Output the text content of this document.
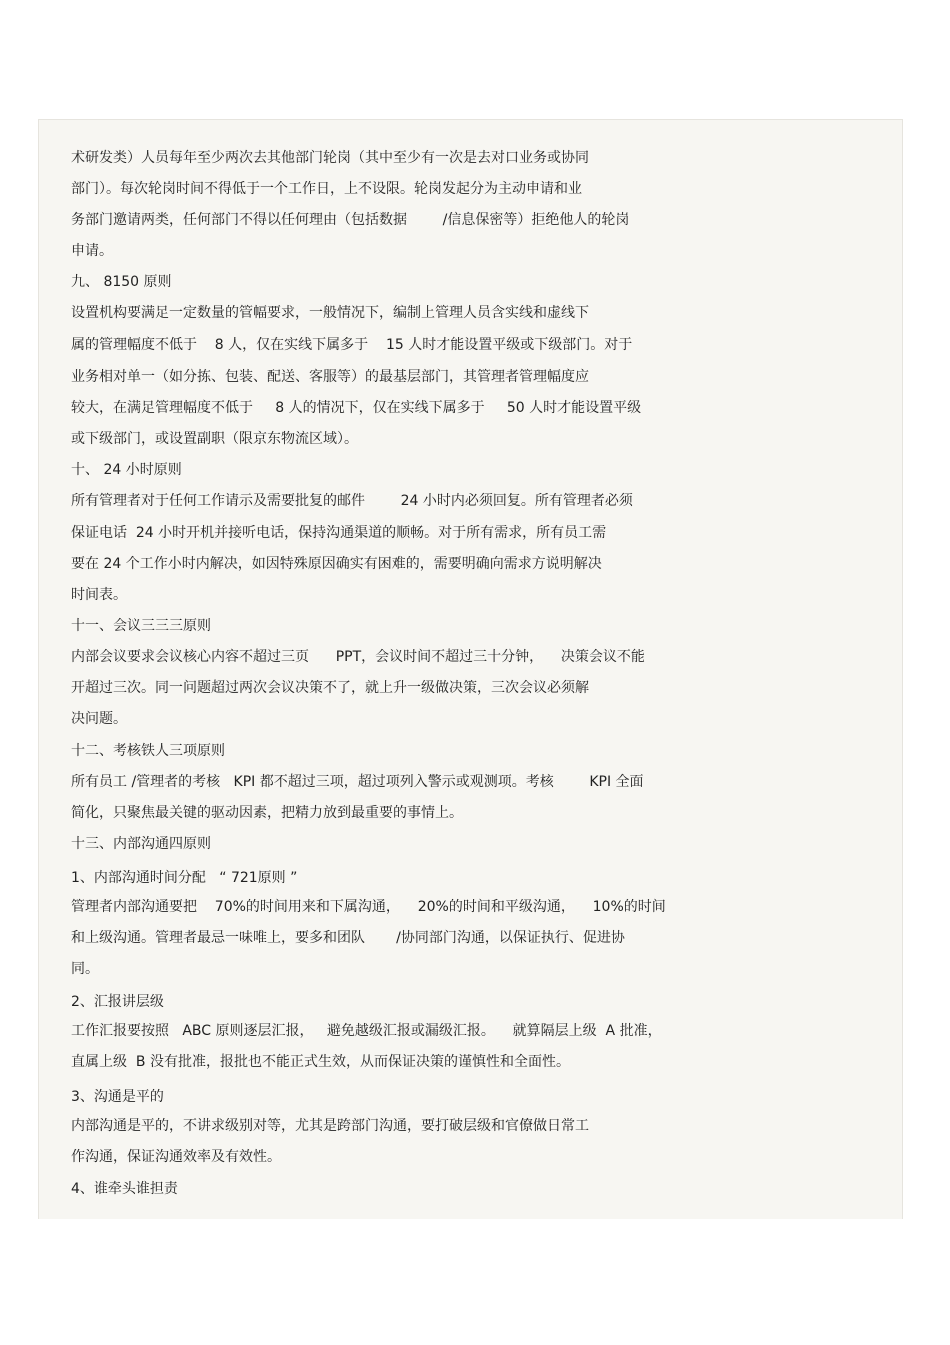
术研发类）人员每年至少两次去其他部门轮岗（其中至少有一次是去对口业务或协同

部门）。每次轮岗时间不得低于一个工作日，上不设限。轮岗发起分为主动申请和业

务部门邀请两类，任何部门不得以任何理由（包括数据        /信息保密等）拒绝他人的轮岗

申请。

九、 8150 原则

设置机构要满足一定数量的管幅要求，一般情况下，编制上管理人员含实线和虚线下

属的管理幅度不低于    8 人，仅在实线下属多于    15 人时才能设置平级或下级部门。对于

业务相对单一（如分拣、包装、配送、客服等）的最基层部门，其管理者管理幅度应

较大，在满足管理幅度不低于     8 人的情况下，仅在实线下属多于     50 人时才能设置平级

或下级部门，或设置副职（限京东物流区域）。

十、 24 小时原则

所有管理者对于任何工作请示及需要批复的邮件        24 小时内必须回复。所有管理者必须

保证电话  24 小时开机并接听电话，保持沟通渠道的顺畅。对于所有需求，所有员工需

要在 24 个工作小时内解决，如因特殊原因确实有困难的，需要明确向需求方说明解决

时间表。

十一、会议三三三原则

内部会议要求会议核心内容不超过三页      PPT，会议时间不超过三十分钟，    决策会议不能

开超过三次。同一问题超过两次会议决策不了，就上升一级做决策，三次会议必须解

决问题。

十二、考核铁人三项原则

所有员工 /管理者的考核   KPI 都不超过三项，超过项列入警示或观测项。考核        KPI 全面

简化，只聚焦最关键的驱动因素，把精力放到最重要的事情上。

十三、内部沟通四原则

1、内部沟通时间分配   “ 721原则 ”

管理者内部沟通要把    70%的时间用来和下属沟通，    20%的时间和平级沟通，    10%的时间

和上级沟通。管理者最忌一味唯上，要多和团队       /协同部门沟通，以保证执行、促进协

同。

2、汇报讲层级

工作汇报要按照   ABC 原则逐层汇报，   避免越级汇报或漏级汇报。    就算隔层上级  A 批准，

直属上级  B 没有批准，报批也不能正式生效，从而保证决策的谨慎性和全面性。

3、沟通是平的

内部沟通是平的，不讲求级别对等，尤其是跨部门沟通，要打破层级和官僚做日常工

作沟通，保证沟通效率及有效性。

4、谁牵头谁担责
